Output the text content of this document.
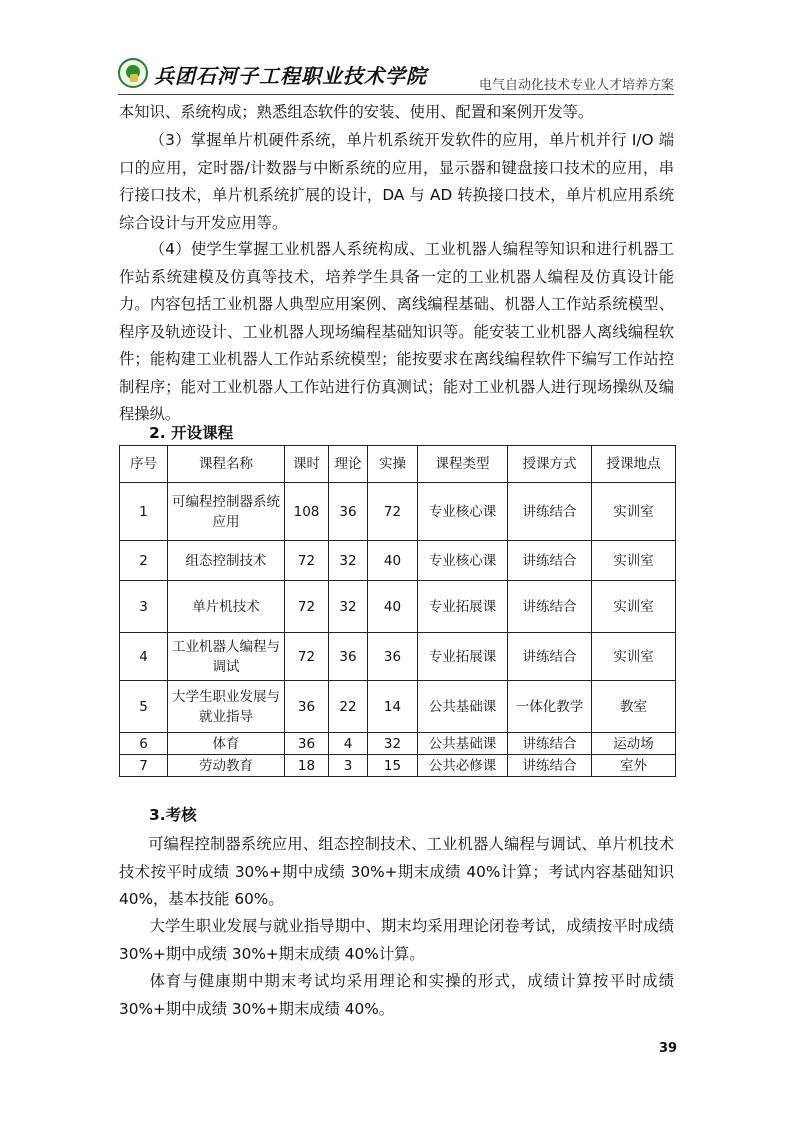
兵团石河子工程职业技术学院	电气自动化技术专业人才培养方案

本知识、系统构成；熟悉组态软件的安装、使用、配置和案例开发等。

（3）掌握单片机硬件系统，单片机系统开发软件的应用，单片机并行 I/O 端口的应用，定时器/计数器与中断系统的应用，显示器和键盘接口技术的应用，串行接口技术，单片机系统扩展的设计，DA 与 AD 转换接口技术，单片机应用系统综合设计与开发应用等。

（4）使学生掌握工业机器人系统构成、工业机器人编程等知识和进行机器工作站系统建模及仿真等技术，培养学生具备一定的工业机器人编程及仿真设计能力。内容包括工业机器人典型应用案例、离线编程基础、机器人工作站系统模型、程序及轨迹设计、工业机器人现场编程基础知识等。能安装工业机器人离线编程软件；能构建工业机器人工作站系统模型；能按要求在离线编程软件下编写工作站控制程序；能对工业机器人工作站进行仿真测试；能对工业机器人进行现场操纵及编程操纵。

2. 开设课程

序号	课程名称	课时	理论	实操	课程类型	授课方式	授课地点
1	可编程控制器系统应用	108	36	72	专业核心课	讲练结合	实训室
2	组态控制技术	72	32	40	专业核心课	讲练结合	实训室
3	单片机技术	72	32	40	专业拓展课	讲练结合	实训室
4	工业机器人编程与调试	72	36	36	专业拓展课	讲练结合	实训室
5	大学生职业发展与就业指导	36	22	14	公共基础课	一体化教学	教室
6	体育	36	4	32	公共基础课	讲练结合	运动场
7	劳动教育	18	3	15	公共必修课	讲练结合	室外

3.考核

可编程控制器系统应用、组态控制技术、工业机器人编程与调试、单片机技术技术按平时成绩 30%+期中成绩 30%+期末成绩 40%计算；考试内容基础知识 40%，基本技能 60%。

大学生职业发展与就业指导期中、期末均采用理论闭卷考试，成绩按平时成绩 30%+期中成绩 30%+期末成绩 40%计算。

体育与健康期中期末考试均采用理论和实操的形式，成绩计算按平时成绩 30%+期中成绩 30%+期末成绩 40%。

39
